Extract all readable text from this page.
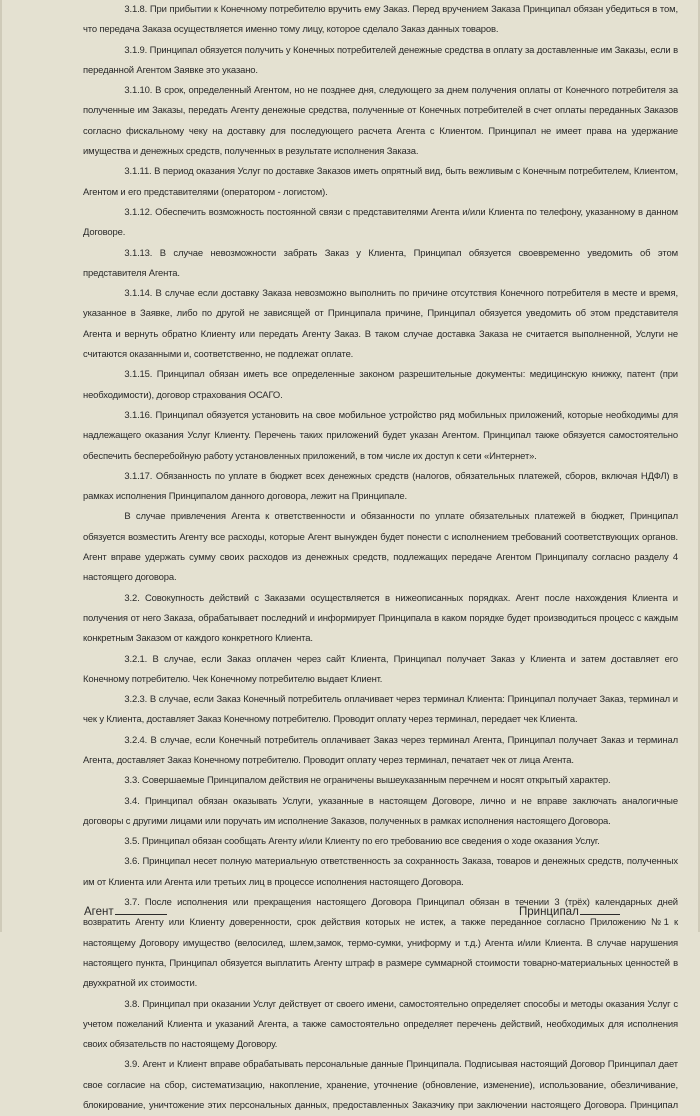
3.1.8. При прибытии к Конечному потребителю вручить ему Заказ. Перед вручением Заказа Принципал обязан убедиться в том, что передача Заказа осуществляется именно тому лицу, которое сделало Заказ данных товаров.

3.1.9. Принципал обязуется получить у Конечных потребителей денежные средства в оплату за доставленные им Заказы, если в переданной Агентом Заявке это указано.

3.1.10. В срок, определенный Агентом, но не позднее дня, следующего за днем получения оплаты от Конечного потребителя за полученные им Заказы, передать Агенту денежные средства, полученные от Конечных потребителей в счет оплаты переданных Заказов согласно фискальному чеку на доставку для последующего расчета Агента с Клиентом. Принципал не имеет права на удержание имущества и денежных средств, полученных в результате исполнения Заказа.

3.1.11. В период оказания Услуг по доставке Заказов иметь опрятный вид, быть вежливым с Конечным потребителем, Клиентом, Агентом и его представителями (оператором - логистом).

3.1.12. Обеспечить возможность постоянной связи с представителями Агента и/или Клиента по телефону, указанному в данном Договоре.

3.1.13. В случае невозможности забрать Заказ у Клиента, Принципал обязуется своевременно уведомить об этом представителя Агента.

3.1.14. В случае если доставку Заказа невозможно выполнить по причине отсутствия Конечного потребителя в месте и время, указанное в Заявке, либо по другой не зависящей от Принципала причине, Принципал обязуется уведомить об этом представителя Агента и вернуть обратно Клиенту или передать Агенту Заказ. В таком случае доставка Заказа не считается выполненной, Услуги не считаются оказанными и, соответственно, не подлежат оплате.

3.1.15. Принципал обязан иметь все определенные законом разрешительные документы: медицинскую книжку, патент (при необходимости), договор страхования ОСАГО.

3.1.16. Принципал обязуется установить на свое мобильное устройство ряд мобильных приложений, которые необходимы для надлежащего оказания Услуг Клиенту. Перечень таких приложений будет указан Агентом. Принципал также обязуется самостоятельно обеспечить бесперебойную работу установленных приложений, в том числе их доступ к сети «Интернет».

3.1.17. Обязанность по уплате в бюджет всех денежных средств (налогов, обязательных платежей, сборов, включая НДФЛ) в рамках исполнения Принципалом данного договора, лежит на Принципале.

В случае привлечения Агента к ответственности и обязанности по уплате обязательных платежей в бюджет, Принципал обязуется возместить Агенту все расходы, которые Агент вынужден будет понести с исполнением требований соответствующих органов. Агент вправе удержать сумму своих расходов из денежных средств, подлежащих передаче Агентом Принципалу согласно разделу 4 настоящего договора.

3.2. Совокупность действий с Заказами осуществляется в нижеописанных порядках. Агент после нахождения Клиента и получения от него Заказа, обрабатывает последний и информирует Принципала в каком порядке будет производиться процесс с каждым конкретным Заказом от каждого конкретного Клиента.

3.2.1. В случае, если Заказ оплачен через сайт Клиента, Принципал получает Заказ у Клиента и затем доставляет его Конечному потребителю. Чек Конечному потребителю выдает Клиент.

3.2.3. В случае, если Заказ Конечный потребитель оплачивает через терминал Клиента: Принципал получает Заказ, терминал и чек у Клиента, доставляет Заказ Конечному потребителю. Проводит оплату через терминал, передает чек Клиента.

3.2.4. В случае, если Конечный потребитель оплачивает Заказ через терминал Агента, Принципал получает Заказ и терминал Агента, доставляет Заказ Конечному потребителю. Проводит оплату через терминал, печатает чек от лица Агента.

3.3. Совершаемые Принципалом действия не ограничены вышеуказанным перечнем и носят открытый характер.

3.4. Принципал обязан оказывать Услуги, указанные в настоящем Договоре, лично и не вправе заключать аналогичные договоры с другими лицами или поручать им исполнение Заказов, полученных в рамках исполнения настоящего Договора.

3.5. Принципал обязан сообщать Агенту и/или Клиенту по его требованию все сведения о ходе оказания Услуг.

3.6. Принципал несет полную материальную ответственность за сохранность Заказа, товаров и денежных средств, полученных им от Клиента или Агента или третьих лиц в процессе исполнения настоящего Договора.

3.7. После исполнения или прекращения настоящего Договора Принципал обязан в течении 3 (трёх) календарных дней возвратить Агенту или Клиенту доверенности, срок действия которых не истек, а также переданное согласно Приложению №1 к настоящему Договору имущество (велосилед, шлем,замок, термо-сумки, униформу и т.д.) Агента и/или Клиента. В случае нарушения настоящего пункта, Принципал обязуется выплатить Агенту штраф в размере суммарной стоимости товарно-материальных ценностей в двухкратной их стоимости.

3.8. Принципал при оказании Услуг действует от своего имени, самостоятельно определяет способы и методы оказания Услуг с учетом пожеланий Клиента и указаний Агента, а также самостоятельно определяет перечень действий, необходимых для исполнения своих обязательств по настоящему Договору.

3.9. Агент и Клиент вправе обрабатывать персональные данные Принципала. Подписывая настоящий Договор Принципал дает свое согласие на сбор, систематизацию, накопление, хранение, уточнение (обновление, изменение), использование, обезличивание, блокирование, уничтожение этих персональных данных, предоставленных Заказчику при заключении настоящего Договора. Принципал

Агент	Принципал
